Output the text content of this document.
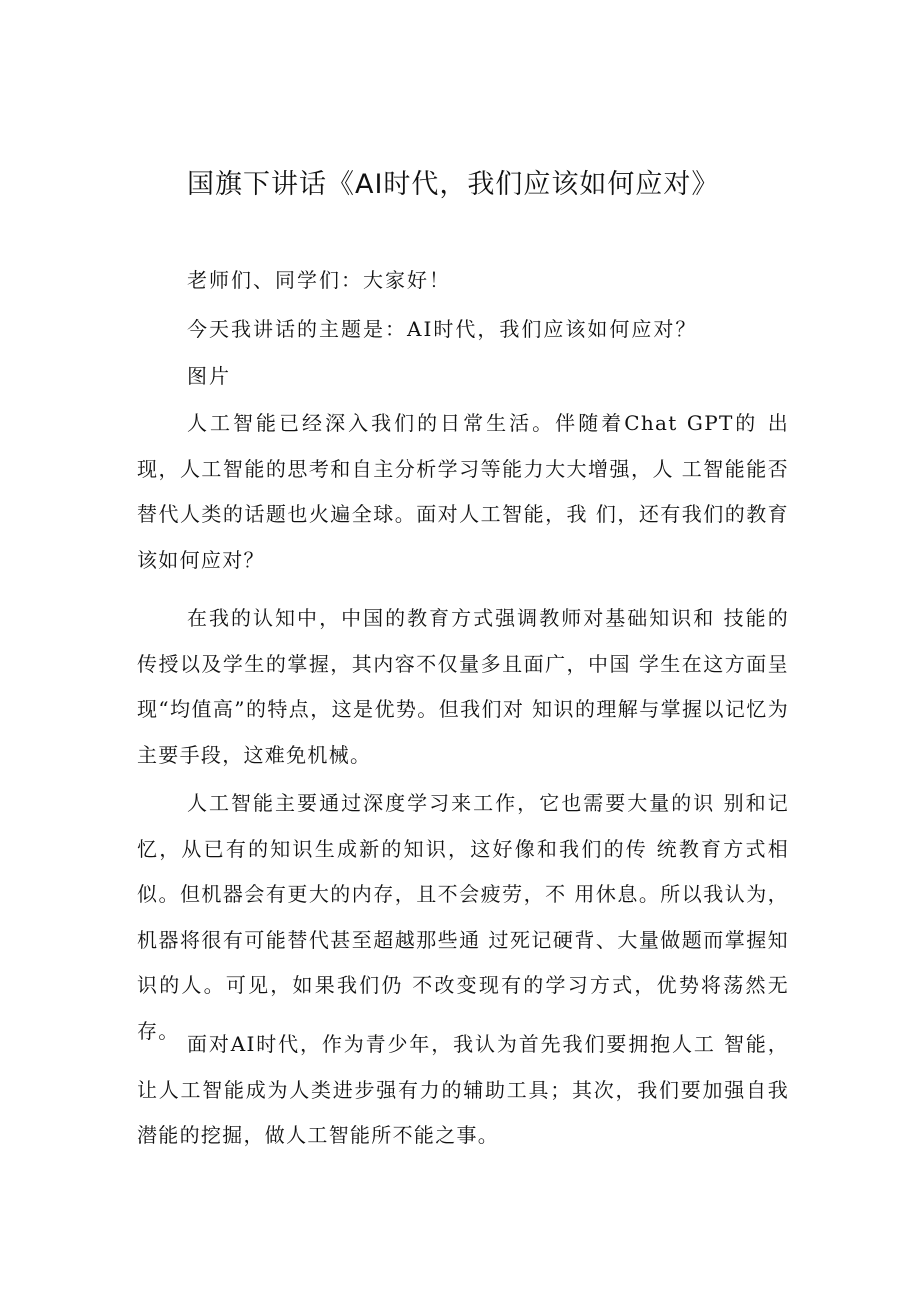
国旗下讲话《AI时代，我们应该如何应对》

老师们、同学们：大家好！

今天我讲话的主题是：AI时代，我们应该如何应对？

图片

人工智能已经深入我们的日常生活。伴随着Chat GPT的 出现，人工智能的思考和自主分析学习等能力大大增强，人 工智能能否替代人类的话题也火遍全球。面对人工智能，我 们，还有我们的教育该如何应对？

在我的认知中，中国的教育方式强调教师对基础知识和 技能的传授以及学生的掌握，其内容不仅量多且面广，中国 学生在这方面呈现“均值高”的特点，这是优势。但我们对 知识的理解与掌握以记忆为主要手段，这难免机械。

人工智能主要通过深度学习来工作，它也需要大量的识 别和记忆，从已有的知识生成新的知识，这好像和我们的传 统教育方式相似。但机器会有更大的内存，且不会疲劳，不 用休息。所以我认为，机器将很有可能替代甚至超越那些通 过死记硬背、大量做题而掌握知识的人。可见，如果我们仍 不改变现有的学习方式，优势将荡然无存。

面对AI时代，作为青少年，我认为首先我们要拥抱人工 智能，让人工智能成为人类进步强有力的辅助工具；其次，我们要加强自我潜能的挖掘，做人工智能所不能之事。
